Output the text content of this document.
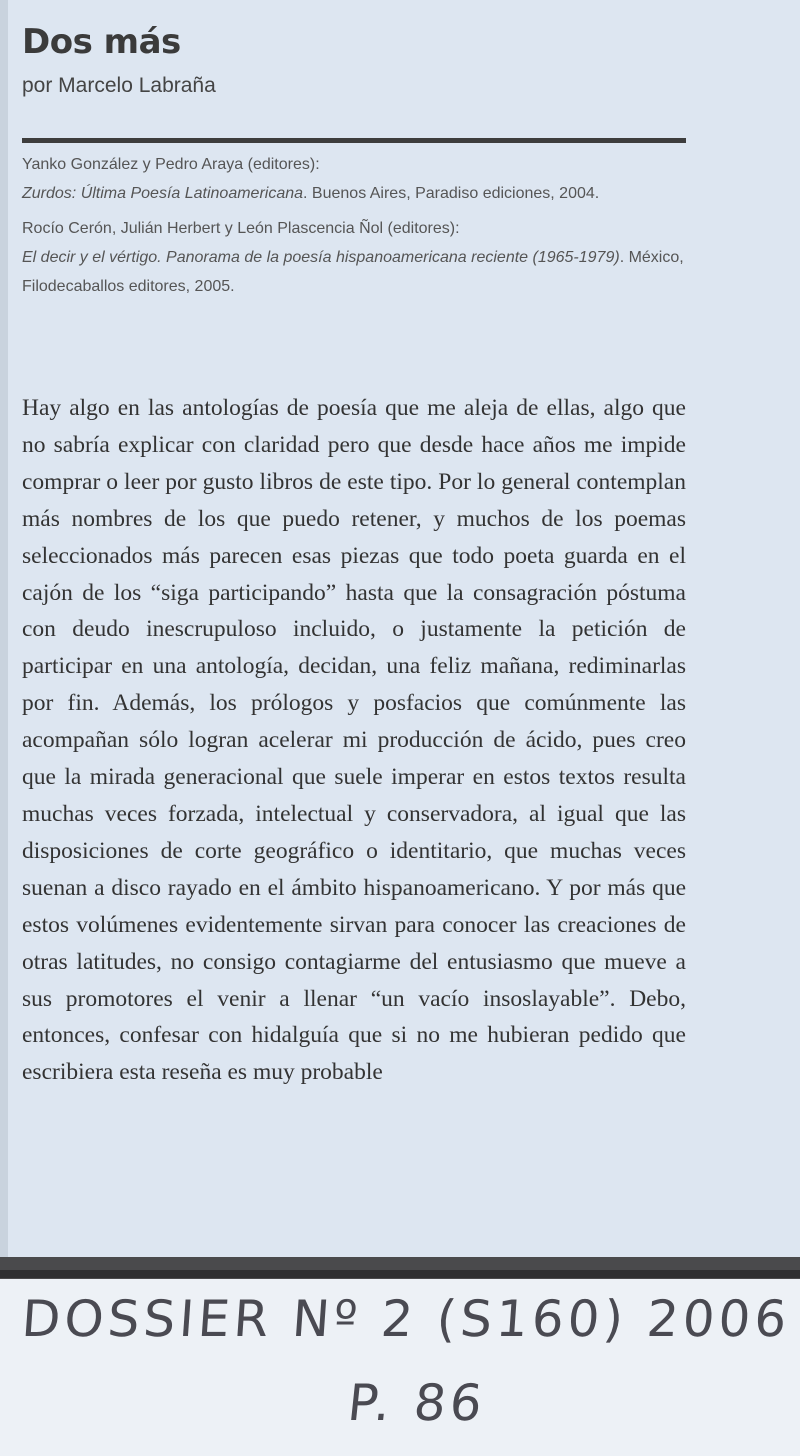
Dos más
por Marcelo Labraña
Yanko González y Pedro Araya (editores):
Zurdos: Última Poesía Latinoamericana. Buenos Aires, Paradiso ediciones, 2004.
Rocío Cerón, Julián Herbert y León Plascencia Ñol (editores):
El decir y el vértigo. Panorama de la poesía hispanoamericana reciente (1965-1979). México, Filodecaballos editores, 2005.
Hay algo en las antologías de poesía que me aleja de ellas, algo que no sabría explicar con claridad pero que desde hace años me impide comprar o leer por gusto libros de este tipo. Por lo general contemplan más nombres de los que puedo retener, y muchos de los poemas seleccionados más parecen esas piezas que todo poeta guarda en el cajón de los “siga participando” hasta que la consagración póstuma con deudo inescrupuloso incluido, o justamente la petición de participar en una antología, decidan, una feliz mañana, rediminarlas por fin. Además, los prólogos y posfacios que comúnmente las acompañan sólo logran acelerar mi producción de ácido, pues creo que la mirada generacional que suele imperar en estos textos resulta muchas veces forzada, intelectual y conservadora, al igual que las disposiciones de corte geográfico o identitario, que muchas veces suenan a disco rayado en el ámbito hispanoamericano. Y por más que estos volúmenes evidentemente sirvan para conocer las creaciones de otras latitudes, no consigo contagiarme del entusiasmo que mueve a sus promotores el venir a llenar “un vacío insoslayable”. Debo, entonces, confesar con hidalguía que si no me hubieran pedido que escribiera esta reseña es muy probable
DOSSIER Nº 2 (S160) 2006
P. 86
